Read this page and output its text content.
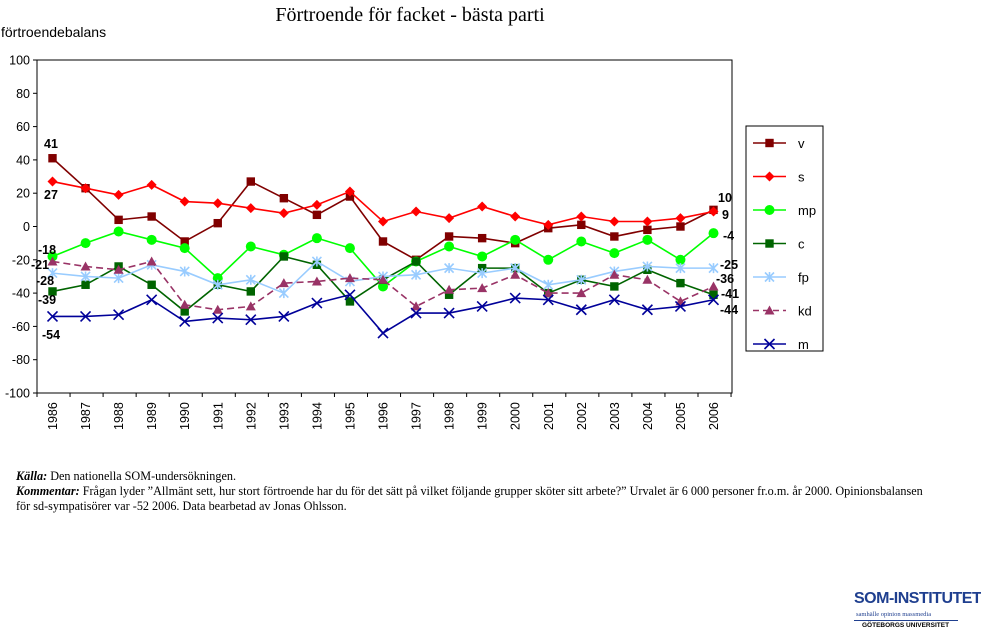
Förtroende för facket - bästa parti
förtroendebalans
-100
-80
-60
-40
-20
0
20
40
60
80
100
1986 1987 1988 1989 1990 1991 1992 1993 1994 1995 1996 1997 1998 1999 2000 2001 2002 2003 2004 2005 2006
41
27
-18
-21
-28
-39
-54
10
9
-4
-25
-36
-41
-44
v
s
mp
c
fp
kd
m
Källa: Den nationella SOM-undersökningen.
Kommentar: Frågan lyder ”Allmänt sett, hur stort förtroende har du för det sätt på vilket följande grupper sköter sitt arbete?” Urvalet är 6 000 personer fr.o.m. år 2000. Opinionsbalansen för sd-sympatisörer var -52 2006. Data bearbetad av Jonas Ohlsson.
SOM-INSTITUTET
samhälle opinion massmedia
GÖTEBORGS UNIVERSITET
